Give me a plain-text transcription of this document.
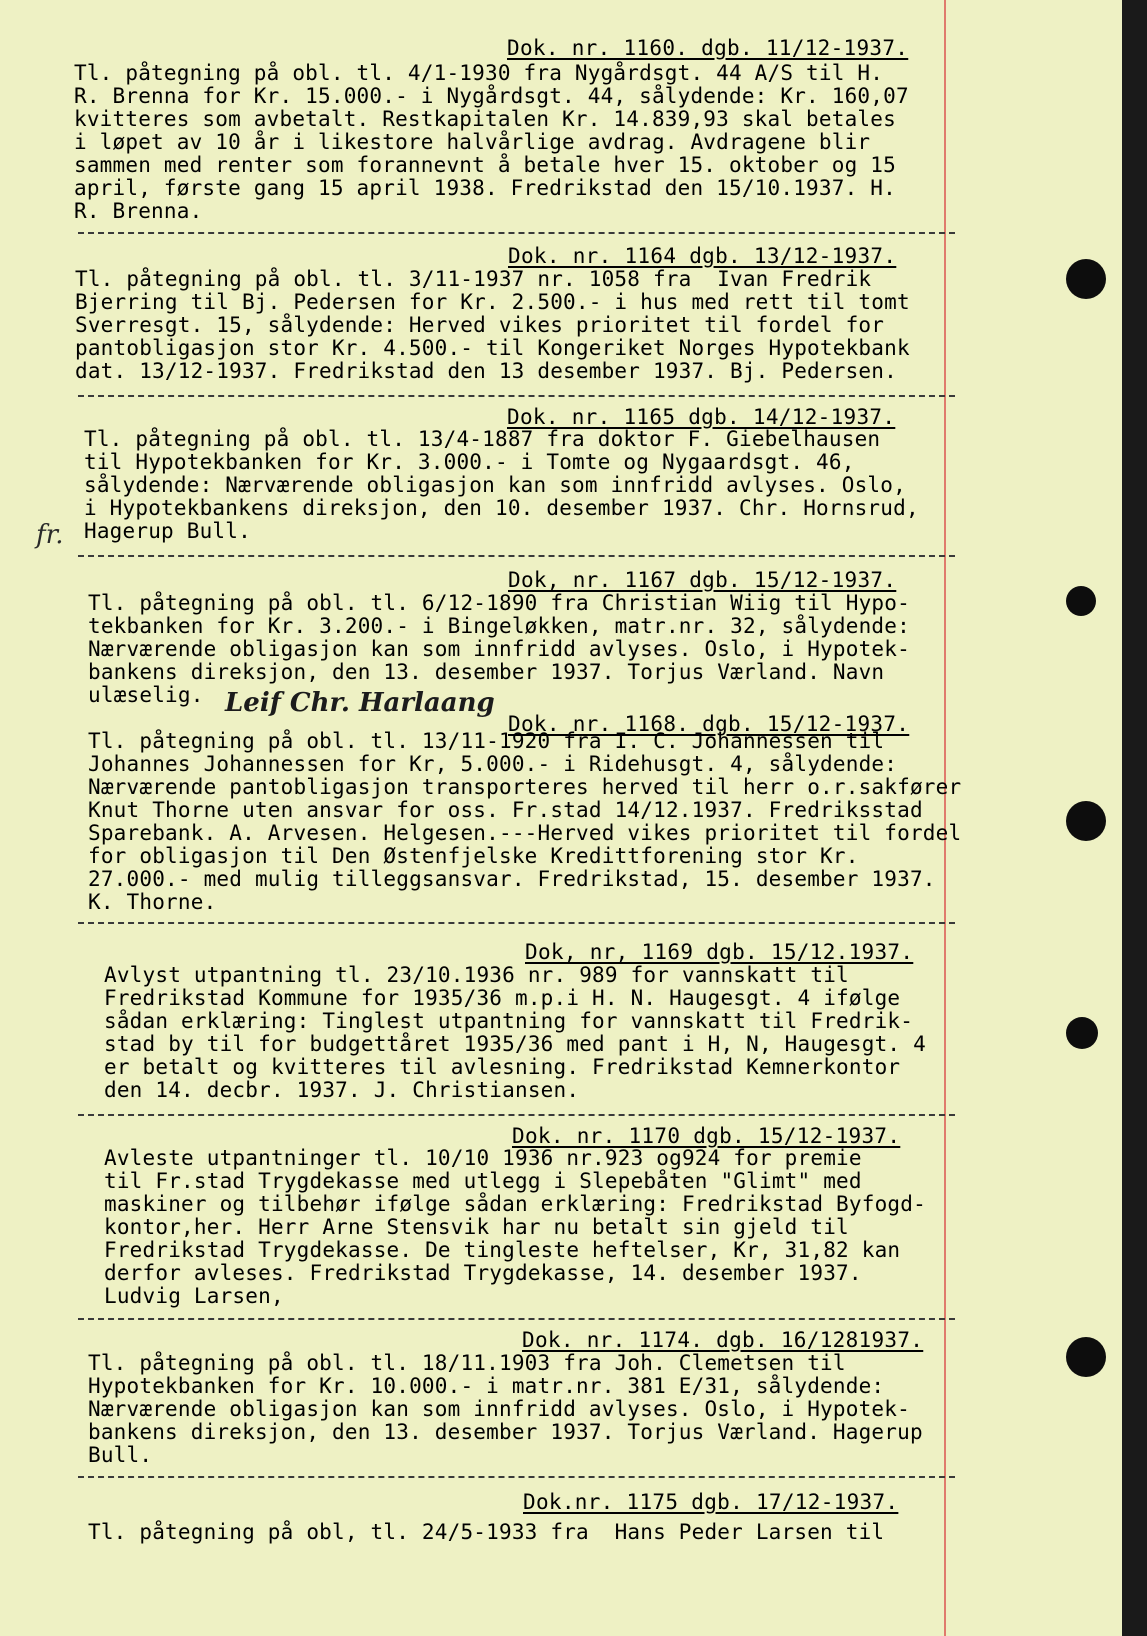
Dok. nr. 1160. dgb. 11/12-1937.
Tl. påtegning på obl. tl. 4/1-1930 fra Nygårdsgt. 44 A/S til H.
R. Brenna for Kr. 15.000.- i Nygårdsgt. 44, sålydende: Kr. 160,07
kvitteres som avbetalt. Restkapitalen Kr. 14.839,93 skal betales
i løpet av 10 år i likestore halvårlige avdrag. Avdragene blir
sammen med renter som forannevnt å betale hver 15. oktober og 15
april, første gang 15 april 1938. Fredrikstad den 15/10.1937. H.
R. Brenna.
Dok. nr. 1164 dgb. 13/12-1937.
Tl. påtegning på obl. tl. 3/11-1937 nr. 1058 fra  Ivan Fredrik
Bjerring til Bj. Pedersen for Kr. 2.500.- i hus med rett til tomt
Sverresgt. 15, sålydende: Herved vikes prioritet til fordel for
pantobligasjon stor Kr. 4.500.- til Kongeriket Norges Hypotekbank
dat. 13/12-1937. Fredrikstad den 13 desember 1937. Bj. Pedersen.
Dok. nr. 1165 dgb. 14/12-1937.
Tl. påtegning på obl. tl. 13/4-1887 fra doktor F. Giebelhausen
til Hypotekbanken for Kr. 3.000.- i Tomte og Nygaardsgt. 46,
sålydende: Nærværende obligasjon kan som innfridd avlyses. Oslo,
i Hypotekbankens direksjon, den 10. desember 1937. Chr. Hornsrud,
Hagerup Bull.
fr.
Dok, nr. 1167 dgb. 15/12-1937.
Tl. påtegning på obl. tl. 6/12-1890 fra Christian Wiig til Hypo-
tekbanken for Kr. 3.200.- i Bingeløkken, matr.nr. 32, sålydende:
Nærværende obligasjon kan som innfridd avlyses. Oslo, i Hypotek-
bankens direksjon, den 13. desember 1937. Torjus Værland. Navn
ulæselig. Leif Chr. Harlaang
Dok. nr. 1168. dgb. 15/12-1937.
Tl. påtegning på obl. tl. 13/11-1920 fra I. C. Johannessen til
Johannes Johannessen for Kr, 5.000.- i Ridehusgt. 4, sålydende:
Nærværende pantobligasjon transporteres herved til herr o.r.sakfører
Knut Thorne uten ansvar for oss. Fr.stad 14/12.1937. Fredriksstad
Sparebank. A. Arvesen. Helgesen.---Herved vikes prioritet til fordel
for obligasjon til Den Østenfjelske Kredittforening stor Kr.
27.000.- med mulig tilleggsansvar. Fredrikstad, 15. desember 1937.
K. Thorne.
Dok, nr, 1169 dgb. 15/12.1937.
Avlyst utpantning tl. 23/10.1936 nr. 989 for vannskatt til
Fredrikstad Kommune for 1935/36 m.p.i H. N. Haugesgt. 4 ifølge
sådan erklæring: Tinglest utpantning for vannskatt til Fredrik-
stad by til for budgettåret 1935/36 med pant i H, N, Haugesgt. 4
er betalt og kvitteres til avlesning. Fredrikstad Kemnerkontor
den 14. decbr. 1937. J. Christiansen.
Dok. nr. 1170 dgb. 15/12-1937.
Avleste utpantninger tl. 10/10 1936 nr.923 og924 for premie
til Fr.stad Trygdekasse med utlegg i Slepebåten "Glimt" med
maskiner og tilbehør ifølge sådan erklæring: Fredrikstad Byfogd-
kontor,her. Herr Arne Stensvik har nu betalt sin gjeld til
Fredrikstad Trygdekasse. De tingleste heftelser, Kr, 31,82 kan
derfor avleses. Fredrikstad Trygdekasse, 14. desember 1937.
Ludvig Larsen,
Dok. nr. 1174. dgb. 16/1281937.
Tl. påtegning på obl. tl. 18/11.1903 fra Joh. Clemetsen til
Hypotekbanken for Kr. 10.000.- i matr.nr. 381 E/31, sålydende:
Nærværende obligasjon kan som innfridd avlyses. Oslo, i Hypotek-
bankens direksjon, den 13. desember 1937. Torjus Værland. Hagerup
Bull.
Dok.nr. 1175 dgb. 17/12-1937.
Tl. påtegning på obl, tl. 24/5-1933 fra  Hans Peder Larsen til
